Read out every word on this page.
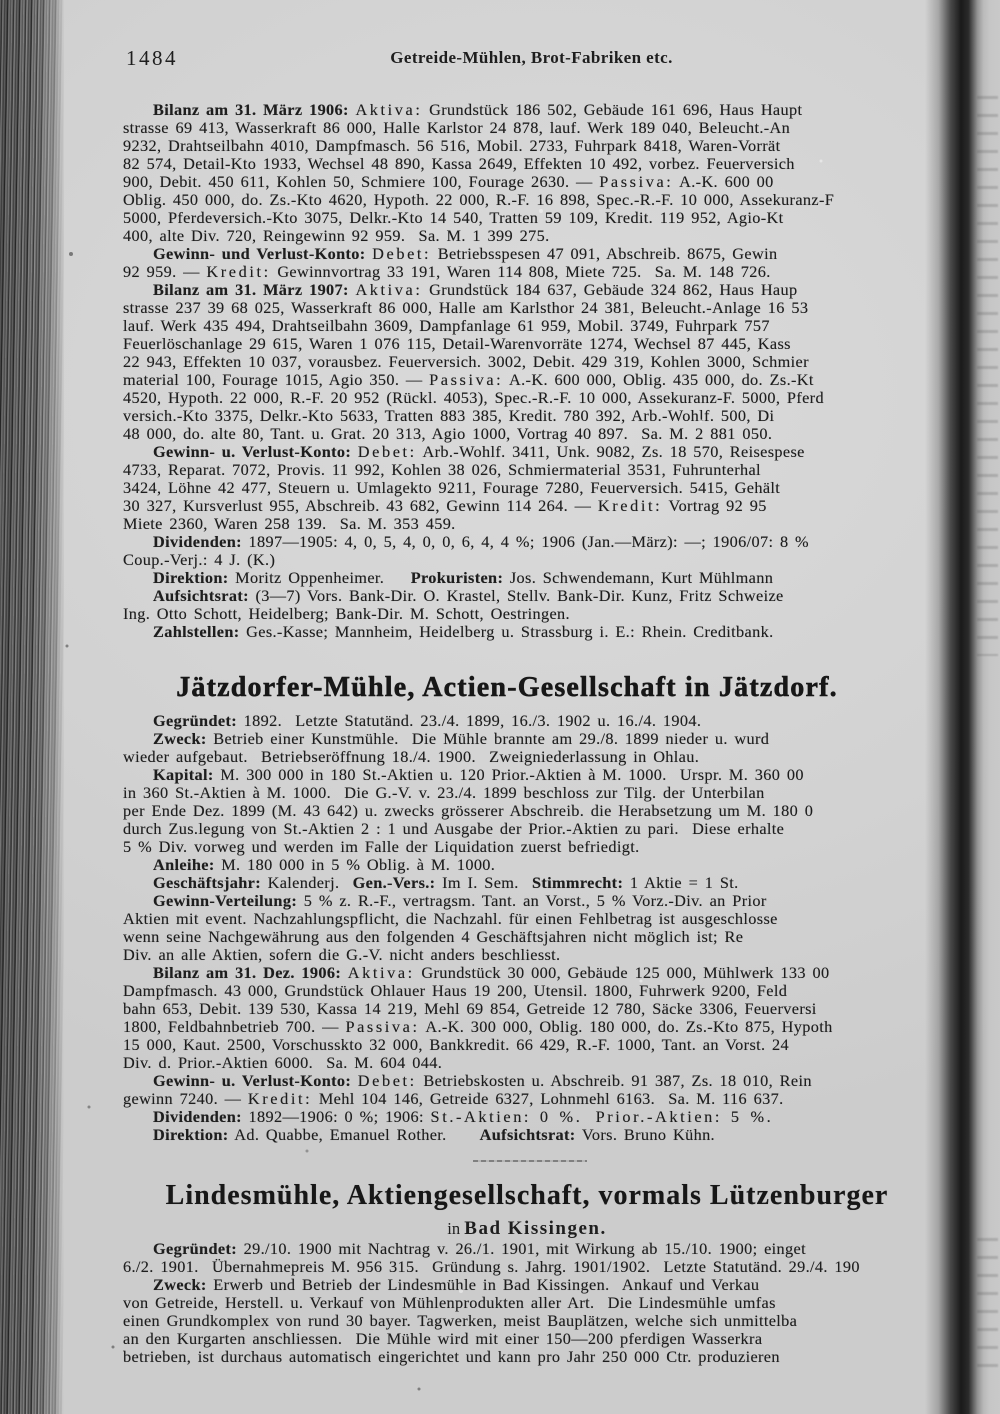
1484	Getreide-Mühlen, Brot-Fabriken etc.
Bilanz am 31. März 1906: Aktiva: Grundstück 186 502, Gebäude 161 696, Haus Haupt
strasse 69 413, Wasserkraft 86 000, Halle Karlstor 24 878, lauf. Werk 189 040, Beleucht.-An
9232, Drahtseilbahn 4010, Dampfmasch. 56 516, Mobil. 2733, Fuhrpark 8418, Waren-Vorrät
82 574, Detail-Kto 1933, Wechsel 48 890, Kassa 2649, Effekten 10 492, vorbez. Feuerversich
900, Debit. 450 611, Kohlen 50, Schmiere 100, Fourage 2630. — Passiva: A.-K. 600 00
Oblig. 450 000, do. Zs.-Kto 4620, Hypoth. 22 000, R.-F. 16 898, Spec.-R.-F. 10 000, Assekuranz-F
5000, Pferdeversich.-Kto 3075, Delkr.-Kto 14 540, Tratten 59 109, Kredit. 119 952, Agio-Kt
400, alte Div. 720, Reingewinn 92 959.  Sa. M. 1 399 275.
Gewinn- und Verlust-Konto: Debet: Betriebsspesen 47 091, Abschreib. 8675, Gewin
92 959. — Kredit: Gewinnvortrag 33 191, Waren 114 808, Miete 725.  Sa. M. 148 726.
Bilanz am 31. März 1907: Aktiva: Grundstück 184 637, Gebäude 324 862, Haus Haup
strasse 237 39 68 025, Wasserkraft 86 000, Halle am Karlsthor 24 381, Beleucht.-Anlage 16 53
lauf. Werk 435 494, Drahtseilbahn 3609, Dampfanlage 61 959, Mobil. 3749, Fuhrpark 757
Feuerlöschanlage 29 615, Waren 1 076 115, Detail-Warenvorräte 1274, Wechsel 87 445, Kass
22 943, Effekten 10 037, vorausbez. Feuerversich. 3002, Debit. 429 319, Kohlen 3000, Schmier
material 100, Fourage 1015, Agio 350. — Passiva: A.-K. 600 000, Oblig. 435 000, do. Zs.-Kt
4520, Hypoth. 22 000, R.-F. 20 952 (Rückl. 4053), Spec.-R.-F. 10 000, Assekuranz-F. 5000, Pferd
versich.-Kto 3375, Delkr.-Kto 5633, Tratten 883 385, Kredit. 780 392, Arb.-Wohlf. 500, Di
48 000, do. alte 80, Tant. u. Grat. 20 313, Agio 1000, Vortrag 40 897.  Sa. M. 2 881 050.
Gewinn- u. Verlust-Konto: Debet: Arb.-Wohlf. 3411, Unk. 9082, Zs. 18 570, Reisespese
4733, Reparat. 7072, Provis. 11 992, Kohlen 38 026, Schmiermaterial 3531, Fuhrunterhal
3424, Löhne 42 477, Steuern u. Umlagekto 9211, Fourage 7280, Feuerversich. 5415, Gehält
30 327, Kursverlust 955, Abschreib. 43 682, Gewinn 114 264. — Kredit: Vortrag 92 95
Miete 2360, Waren 258 139.  Sa. M. 353 459.
Dividenden: 1897—1905: 4, 0, 5, 4, 0, 0, 6, 4, 4 %; 1906 (Jan.—März): —; 1906/07: 8 %
Coup.-Verj.: 4 J. (K.)
Direktion: Moritz Oppenheimer.    Prokuristen: Jos. Schwendemann, Kurt Mühlmann
Aufsichtsrat: (3—7) Vors. Bank-Dir. O. Krastel, Stellv. Bank-Dir. Kunz, Fritz Schweize
Ing. Otto Schott, Heidelberg; Bank-Dir. M. Schott, Oestringen.
Zahlstellen: Ges.-Kasse; Mannheim, Heidelberg u. Strassburg i. E.: Rhein. Creditbank.
Jätzdorfer-Mühle, Actien-Gesellschaft in Jätzdorf.
Gegründet: 1892.  Letzte Statutänd. 23./4. 1899, 16./3. 1902 u. 16./4. 1904.
Zweck: Betrieb einer Kunstmühle.  Die Mühle brannte am 29./8. 1899 nieder u. wurd
wieder aufgebaut.  Betriebseröffnung 18./4. 1900.  Zweigniederlassung in Ohlau.
Kapital: M. 300 000 in 180 St.-Aktien u. 120 Prior.-Aktien à M. 1000.  Urspr. M. 360 00
in 360 St.-Aktien à M. 1000.  Die G.-V. v. 23./4. 1899 beschloss zur Tilg. der Unterbilan
per Ende Dez. 1899 (M. 43 642) u. zwecks grösserer Abschreib. die Herabsetzung um M. 180 0
durch Zus.legung von St.-Aktien 2 : 1 und Ausgabe der Prior.-Aktien zu pari.  Diese erhalte
5 % Div. vorweg und werden im Falle der Liquidation zuerst befriedigt.
Anleihe: M. 180 000 in 5 % Oblig. à M. 1000.
Geschäftsjahr: Kalenderj.  Gen.-Vers.: Im I. Sem.  Stimmrecht: 1 Aktie = 1 St.
Gewinn-Verteilung: 5 % z. R.-F., vertragsm. Tant. an Vorst., 5 % Vorz.-Div. an Prior
Aktien mit event. Nachzahlungspflicht, die Nachzahl. für einen Fehlbetrag ist ausgeschlosse
wenn seine Nachgewährung aus den folgenden 4 Geschäftsjahren nicht möglich ist; Re
Div. an alle Aktien, sofern die G.-V. nicht anders beschliesst.
Bilanz am 31. Dez. 1906: Aktiva: Grundstück 30 000, Gebäude 125 000, Mühlwerk 133 00
Dampfmasch. 43 000, Grundstück Ohlauer Haus 19 200, Utensil. 1800, Fuhrwerk 9200, Feld
bahn 653, Debit. 139 530, Kassa 14 219, Mehl 69 854, Getreide 12 780, Säcke 3306, Feuerversi
1800, Feldbahnbetrieb 700. — Passiva: A.-K. 300 000, Oblig. 180 000, do. Zs.-Kto 875, Hypoth
15 000, Kaut. 2500, Vorschusskto 32 000, Bankkredit. 66 429, R.-F. 1000, Tant. an Vorst. 24
Div. d. Prior.-Aktien 6000.  Sa. M. 604 044.
Gewinn- u. Verlust-Konto: Debet: Betriebskosten u. Abschreib. 91 387, Zs. 18 010, Rein
gewinn 7240. — Kredit: Mehl 104 146, Getreide 6327, Lohnmehl 6163.  Sa. M. 116 637.
Dividenden: 1892—1906: 0 %; 1906: St.-Aktien: 0 %. Prior.-Aktien: 5 %.
Direktion: Ad. Quabbe, Emanuel Rother.     Aufsichtsrat: Vors. Bruno Kühn.
Lindesmühle, Aktiengesellschaft, vormals Lützenburger
in Bad Kissingen.
Gegründet: 29./10. 1900 mit Nachtrag v. 26./1. 1901, mit Wirkung ab 15./10. 1900; einget
6./2. 1901.  Übernahmepreis M. 956 315.  Gründung s. Jahrg. 1901/1902.  Letzte Statutänd. 29./4. 190
Zweck: Erwerb und Betrieb der Lindesmühle in Bad Kissingen.  Ankauf und Verkau
von Getreide, Herstell. u. Verkauf von Mühlenprodukten aller Art.  Die Lindesmühle umfas
einen Grundkomplex von rund 30 bayer. Tagwerken, meist Bauplätzen, welche sich unmittelba
an den Kurgarten anschliessen.  Die Mühle wird mit einer 150—200 pferdigen Wasserkra
betrieben, ist durchaus automatisch eingerichtet und kann pro Jahr 250 000 Ctr. produzieren
